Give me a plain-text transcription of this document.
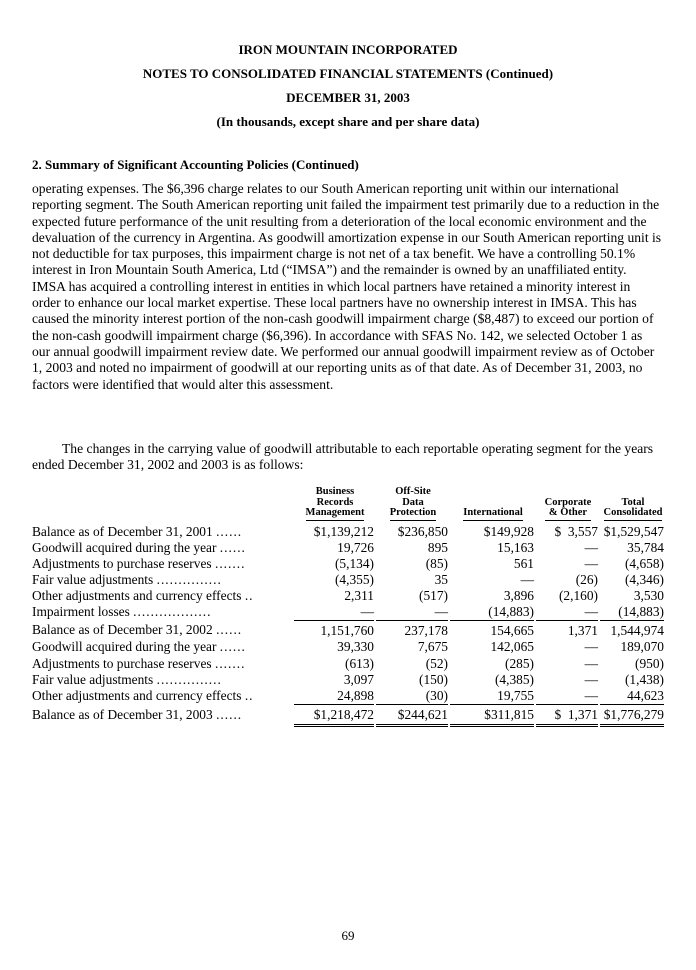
IRON MOUNTAIN INCORPORATED
NOTES TO CONSOLIDATED FINANCIAL STATEMENTS (Continued)
DECEMBER 31, 2003
(In thousands, except share and per share data)
2. Summary of Significant Accounting Policies (Continued)

operating expenses. The $6,396 charge relates to our South American reporting unit within our international reporting segment. The South American reporting unit failed the impairment test primarily due to a reduction in the expected future performance of the unit resulting from a deterioration of the local economic environment and the devaluation of the currency in Argentina. As goodwill amortization expense in our South American reporting unit is not deductible for tax purposes, this impairment charge is not net of a tax benefit. We have a controlling 50.1% interest in Iron Mountain South America, Ltd (“IMSA”) and the remainder is owned by an unaffiliated entity. IMSA has acquired a controlling interest in entities in which local partners have retained a minority interest in order to enhance our local market expertise. These local partners have no ownership interest in IMSA. This has caused the minority interest portion of the non-cash goodwill impairment charge ($8,487) to exceed our portion of the non-cash goodwill impairment charge ($6,396). In accordance with SFAS No. 142, we selected October 1 as our annual goodwill impairment review date. We performed our annual goodwill impairment review as of October 1, 2003 and noted no impairment of goodwill at our reporting units as of that date. As of December 31, 2003, no factors were identified that would alter this assessment.

The changes in the carrying value of goodwill attributable to each reportable operating segment for the years ended December 31, 2002 and 2003 is as follows:

	Business
Records
Management	Off-Site
Data
Protection	International	Corporate
& Other	Total
Consolidated
Balance as of December 31, 2001 ......	$1,139,212	$236,850	$149,928	$  3,557	$1,529,547
Goodwill acquired during the year ......	19,726	895	15,163	—	35,784
Adjustments to purchase reserves .......	(5,134)	(85)	561	—	(4,658)
Fair value adjustments ...............	(4,355)	35	—	(26)	(4,346)
Other adjustments and currency effects ..	2,311	(517)	3,896	(2,160)	3,530
Impairment losses ..................	—	—	(14,883)	—	(14,883)
Balance as of December 31, 2002 ......	1,151,760	237,178	154,665	1,371	1,544,974

Goodwill acquired during the year ......	39,330	7,675	142,065	—	189,070
Adjustments to purchase reserves .......	(613)	(52)	(285)	—	(950)
Fair value adjustments ...............	3,097	(150)	(4,385)	—	(1,438)
Other adjustments and currency effects ..	24,898	(30)	19,755	—	44,623
Balance as of December 31, 2003 ......	$1,218,472	$244,621	$311,815	$  1,371	$1,776,279
69
